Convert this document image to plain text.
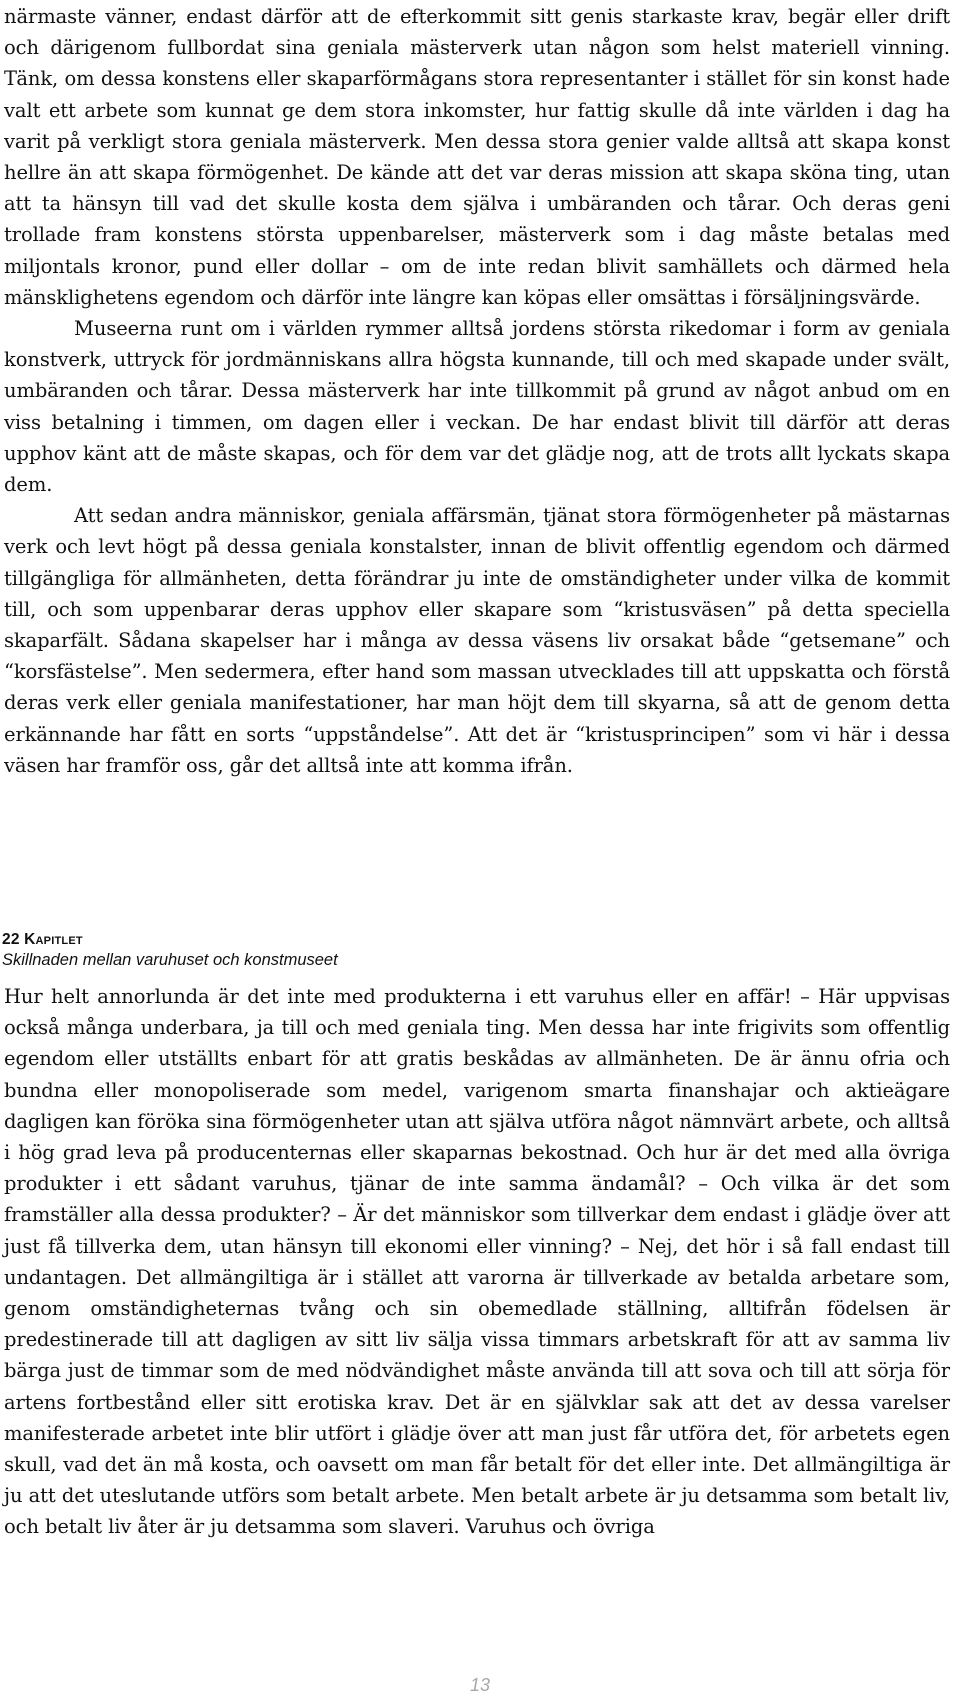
närmaste vänner, endast därför att de efterkommit sitt genis starkaste krav, begär eller drift och därigenom fullbordat sina geniala mästerverk utan någon som helst materiell vinning. Tänk, om dessa konstens eller skaparförmågans stora representanter i stället för sin konst hade valt ett arbete som kunnat ge dem stora inkomster, hur fattig skulle då inte världen i dag ha varit på verkligt stora geniala mästerverk. Men dessa stora genier valde alltså att skapa konst hellre än att skapa förmögenhet. De kände att det var deras mission att skapa sköna ting, utan att ta hänsyn till vad det skulle kosta dem själva i umbäranden och tårar. Och deras geni trollade fram konstens största uppenbarelser, mästerverk som i dag måste betalas med miljontals kronor, pund eller dollar – om de inte redan blivit samhällets och därmed hela mänsklighetens egendom och därför inte längre kan köpas eller omsättas i försäljningsvärde.

Museerna runt om i världen rymmer alltså jordens största rikedomar i form av geniala konstverk, uttryck för jordmänniskans allra högsta kunnande, till och med skapade under svält, umbäranden och tårar. Dessa mästerverk har inte tillkommit på grund av något anbud om en viss betalning i timmen, om dagen eller i veckan. De har endast blivit till därför att deras upphov känt att de måste skapas, och för dem var det glädje nog, att de trots allt lyckats skapa dem.

Att sedan andra människor, geniala affärsmän, tjänat stora förmögenheter på mästarnas verk och levt högt på dessa geniala konstalster, innan de blivit offentlig egendom och därmed tillgängliga för allmänheten, detta förändrar ju inte de omständigheter under vilka de kommit till, och som uppenbarar deras upphov eller skapare som “kristusväsen” på detta speciella skaparfält. Sådana skapelser har i många av dessa väsens liv orsakat både “getsemane” och “korsfästelse”. Men sedermera, efter hand som massan utvecklades till att uppskatta och förstå deras verk eller geniala manifestationer, har man höjt dem till skyarna, så att de genom detta erkännande har fått en sorts “uppståndelse”. Att det är “kristusprincipen” som vi här i dessa väsen har framför oss, går det alltså inte att komma ifrån.

22 Kapitlet
Skillnaden mellan varuhuset och konstmuseet

Hur helt annorlunda är det inte med produkterna i ett varuhus eller en affär! – Här uppvisas också många underbara, ja till och med geniala ting. Men dessa har inte frigivits som offentlig egendom eller utställts enbart för att gratis beskådas av allmänheten. De är ännu ofria och bundna eller monopoliserade som medel, varigenom smarta finanshajar och aktieägare dagligen kan föröka sina förmögenheter utan att själva utföra något nämnvärt arbete, och alltså i hög grad leva på producenternas eller skaparnas bekostnad. Och hur är det med alla övriga produkter i ett sådant varuhus, tjänar de inte samma ändamål? – Och vilka är det som framställer alla dessa produkter? – Är det människor som tillverkar dem endast i glädje över att just få tillverka dem, utan hänsyn till ekonomi eller vinning? – Nej, det hör i så fall endast till undantagen. Det allmängiltiga är i stället att varorna är tillverkade av betalda arbetare som, genom omständigheternas tvång och sin obemedlade ställning, alltifrån födelsen är predestinerade till att dagligen av sitt liv sälja vissa timmars arbetskraft för att av samma liv bärga just de timmar som de med nödvändighet måste använda till att sova och till att sörja för artens fortbestånd eller sitt erotiska krav. Det är en självklar sak att det av dessa varelser manifesterade arbetet inte blir utfört i glädje över att man just får utföra det, för arbetets egen skull, vad det än må kosta, och oavsett om man får betalt för det eller inte. Det allmängiltiga är ju att det uteslutande utförs som betalt arbete. Men betalt arbete är ju detsamma som betalt liv, och betalt liv åter är ju detsamma som slaveri. Varuhus och övriga

13
